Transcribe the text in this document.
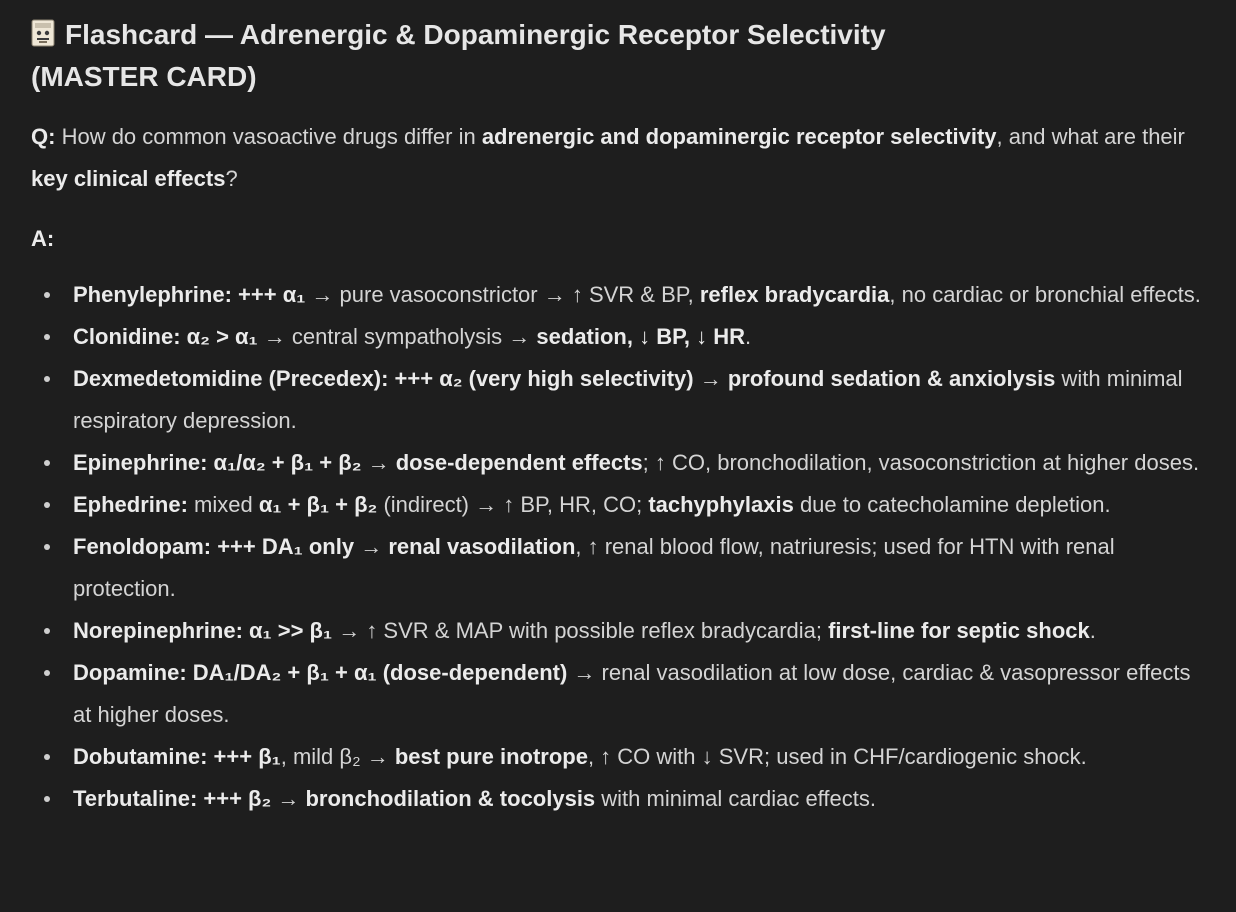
Flashcard — Adrenergic & Dopaminergic Receptor Selectivity
(MASTER CARD)
Q: How do common vasoactive drugs differ in adrenergic and dopaminergic receptor selectivity, and what are their key clinical effects?
A:
Phenylephrine: +++ α₁ → pure vasoconstrictor → ↑ SVR & BP, reflex bradycardia, no cardiac or bronchial effects.
Clonidine: α₂ > α₁ → central sympatholysis → sedation, ↓ BP, ↓ HR.
Dexmedetomidine (Precedex): +++ α₂ (very high selectivity) → profound sedation & anxiolysis with minimal respiratory depression.
Epinephrine: α₁/α₂ + β₁ + β₂ → dose-dependent effects; ↑ CO, bronchodilation, vasoconstriction at higher doses.
Ephedrine: mixed α₁ + β₁ + β₂ (indirect) → ↑ BP, HR, CO; tachyphylaxis due to catecholamine depletion.
Fenoldopam: +++ DA₁ only → renal vasodilation, ↑ renal blood flow, natriuresis; used for HTN with renal protection.
Norepinephrine: α₁ >> β₁ → ↑ SVR & MAP with possible reflex bradycardia; first-line for septic shock.
Dopamine: DA₁/DA₂ + β₁ + α₁ (dose-dependent) → renal vasodilation at low dose, cardiac & vasopressor effects at higher doses.
Dobutamine: +++ β₁, mild β₂ → best pure inotrope, ↑ CO with ↓ SVR; used in CHF/cardiogenic shock.
Terbutaline: +++ β₂ → bronchodilation & tocolysis with minimal cardiac effects.
